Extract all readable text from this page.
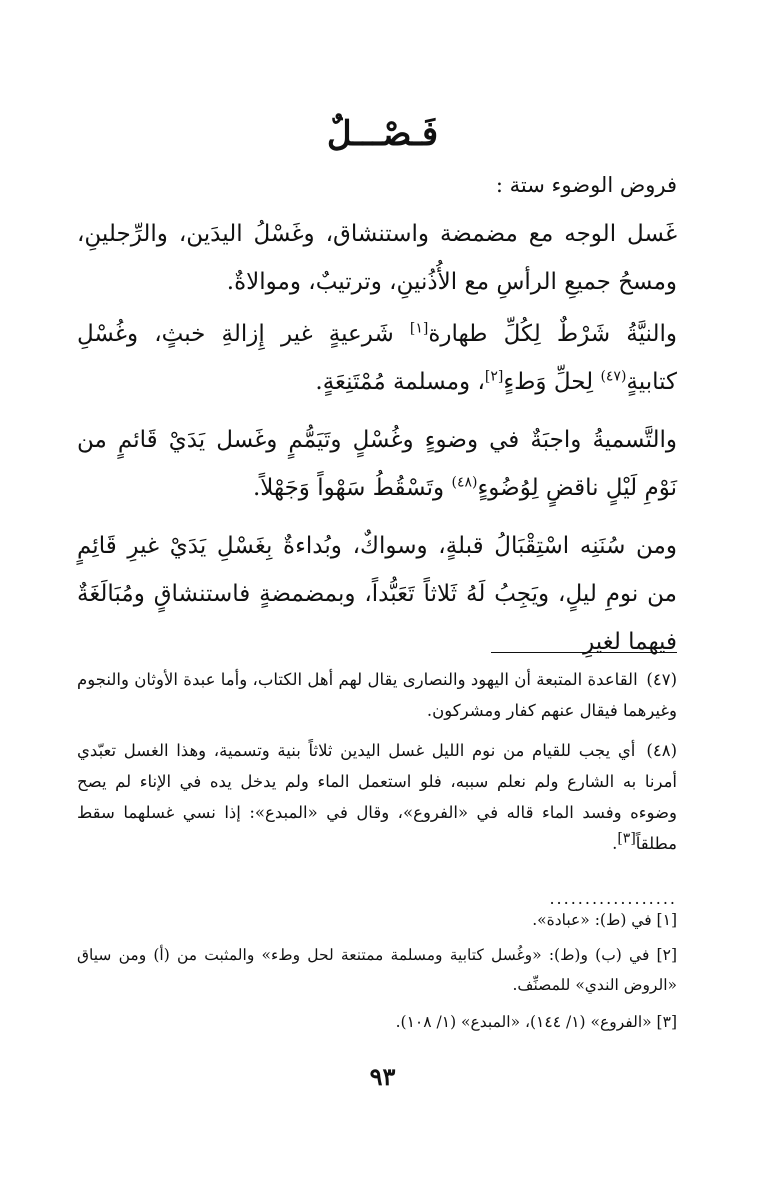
فَـصْـــلٌ
فروض الوضوء ستة :

غَسل الوجه مع مضمضة واستنشاق، وغَسْلُ اليدَين، والرِّجلينِ، ومسحُ جميعِ الرأسِ مع الأُذُنينِ، وترتيبٌ، وموالاةٌ.

والنيَّةُ شَرْطٌ لِكُلِّ طهارة[١] شَرعيةٍ غير إِزالةِ خبثٍ، وغُسْلِ كتابيةٍ$^{(٤٧)}$ لِحلِّ وَطءٍ[٢]، ومسلمة مُمْتَنِعَةٍ.

والتَّسميةُ واجبَةٌ في وضوءٍ وغُسْلٍ وتَيَمُّمٍ وغَسل يَدَيْ قَائمٍ من نَوْمِ لَيْلٍ ناقضٍ لِوُضُوءٍ$^{(٤٨)}$ وتَسْقُطُ سَهْواً وَجَهْلاً.

ومن سُنَنِه اسْتِقْبَالُ قبلةٍ، وسواكٌ، وبُداءةٌ بِغَسْلِ يَدَيْ غيرِ قَائِمٍ من نومِ ليلٍ، ويَجِبُ لَهُ ثَلاثاً تَعَبُّداً، وبمضمضةٍ فاستنشاقٍ ومُبَالَغَةٌ فيهما لغيرِ

(٤٧) القاعدة المتبعة أن اليهود والنصارى يقال لهم أهل الكتاب، وأما عبدة الأوثان والنجوم وغيرهما فيقال عنهم كفار ومشركون.

(٤٨) أي يجب للقيام من نوم الليل غسل اليدين ثلاثاً بنية وتسمية، وهذا الغسل تعبّدي أمرنا به الشارع ولم نعلم سببه، فلو استعمل الماء ولم يدخل يده في الإناء لم يصح وضوءه وفسد الماء قاله في «الفروع»، وقال في «المبدع»: إذا نسي غسلهما سقط مطلقاً[٣].

..................

[١] في (ط): «عبادة».

[٢] في (ب) و(ط): «وغُسل كتابية ومسلمة ممتنعة لحل وطء» والمثبت من (أ) ومن سياق «الروض الندي» للمصنِّف.

[٣] «الفروع» (١/ ١٤٤)، «المبدع» (١/ ١٠٨).

٩٣
